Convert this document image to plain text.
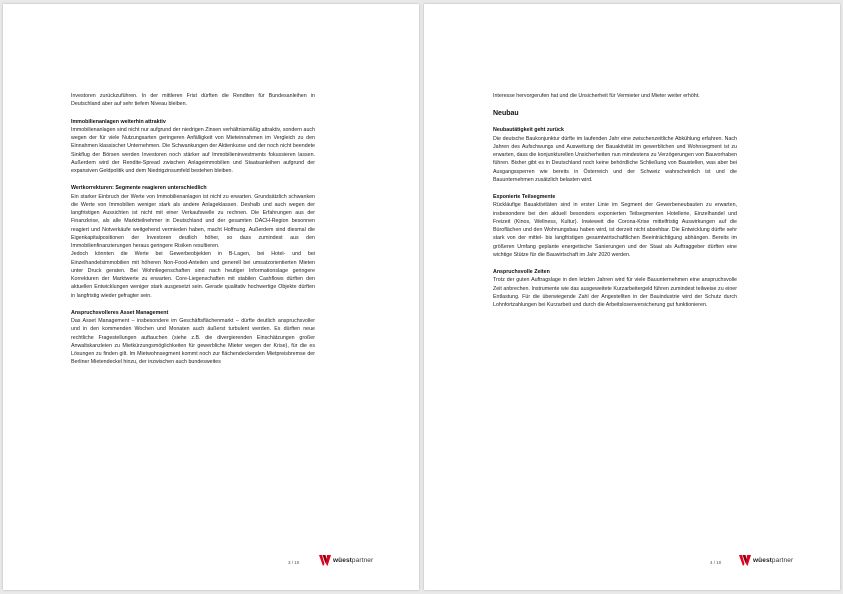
Investoren zurückzuführen. In der mittleren Frist dürften die Renditen für Bundesanleihen in Deutschland aber auf sehr tiefem Niveau bleiben.

Immobilienanlagen weiterhin attraktiv

Immobilienanlagen sind nicht nur aufgrund der niedrigen Zinsen verhältnismäßig attraktiv, sondern auch wegen der für viele Nutzungsarten geringeren Anfälligkeit von Mieteinnahmen im Vergleich zu den Einnahmen klassischer Unternehmen. Die Schwankungen der Aktienkurse und der noch nicht beendete Sinkflug der Börsen werden Investoren noch stärker auf Immobilieninvestments fokussieren lassen. Außerdem wird der Rendite-Spread zwischen Anlageimmobilien und Staatsanleihen aufgrund der expansiven Geldpolitik und dem Niedrigzinsumfeld bestehen bleiben.

Wertkorrekturen: Segmente reagieren unterschiedlich

Ein starker Einbruch der Werte von Immobilienanlagen ist nicht zu erwarten. Grundsätzlich schwanken die Werte von Immobilien weniger stark als andere Anlageklassen. Deshalb und auch wegen der langfristigen Aussichten ist nicht mit einer Verkaufswelle zu rechnen. Die Erfahrungen aus der Finanzkrise, als alle Marktteilnehmer in Deutschland und der gesamten DACH-Region besonnen reagiert und Notverkäufe weitgehend vermieden haben, macht Hoffnung. Außerdem sind diesmal die Eigenkapitalpositionen der Investoren deutlich höher, so dass zumindest aus den Immobilienfinanzierungen heraus geringere Risiken resultieren.

Jedoch könnten die Werte bei Gewerbeobjekten in B-Lagen, bei Hotel- und bei Einzelhandelsimmobilien mit höheren Non-Food-Anteilen und generell bei umsatzorientierten Mieten unter Druck geraten. Bei Wohnliegenschaften sind nach heutiger Informationslage geringere Korrekturen der Marktwerte zu erwarten. Core-Liegenschaften mit stabilen Cashflows dürften den aktuellen Entwicklungen weniger stark ausgesetzt sein. Gerade qualitativ hochwertige Objekte dürften in langfristig wieder gefragter sein.

Anspruchsvolleres Asset Management

Das Asset Management – insbesondere im Geschäftsflächenmarkt – dürfte deutlich anspruchsvoller und in den kommenden Wochen und Monaten auch äußerst turbulent werden. Es dürften neue rechtliche Fragestellungen auftauchen (siehe z.B. die divergierenden Einschätzungen großer Anwaltskanzleien zu Mietkürzungsmöglichkeiten für gewerbliche Mieter wegen der Krise), für die es Lösungen zu finden gilt. Im Mietwohnsegment kommt noch zur flächendeckenden Mietpreisbremse der Berliner Mietendeckel hinzu, der inzwischen auch bundesweites

3 / 10	wüestpartner

Interesse hervorgerufen hat und die Unsicherheit für Vermieter und Mieter weiter erhöht.

Neubau

Neubautätigkeit geht zurück

Die deutsche Baukonjunktur dürfte im laufenden Jahr eine zwischenzeitliche Abkühlung erfahren. Nach Jahren des Aufschwungs und Ausweitung der Bauaktivität im gewerblichen und Wohnsegment ist zu erwarten, dass die konjunkturellen Unsicherheiten nun mindestens zu Verzögerungen von Bauvorhaben führen. Bisher gibt es in Deutschland noch keine behördliche Schließung von Baustellen, was aber bei Ausgangssperren wie bereits in Österreich und der Schweiz wahrscheinlich ist und die Bauunternehmen zusätzlich belasten wird.

Exponierte Teilsegmente

Rückläufige Bauaktivitäten sind in erster Linie im Segment der Gewerbeneubauten zu erwarten, insbesondere bei den aktuell besonders exponierten Teilsegmenten Hotellerie, Einzelhandel und Freizeit (Kinos, Wellness, Kultur). Inwieweit die Corona-Krise mittelfristig Auswirkungen auf die Büroflächen und den Wohnungsbau haben wird, ist derzeit nicht absehbar. Die Entwicklung dürfte sehr stark von der mittel- bis langfristigen gesamtwirtschaftlichen Beeinträchtigung abhängen. Bereits im größeren Umfang geplante energetische Sanierungen und der Staat als Auftraggeber dürften eine wichtige Stütze für die Bauwirtschaft im Jahr 2020 werden.

Anspruchsvolle Zeiten

Trotz der guten Auftragslage in den letzten Jahren wird für viele Bauunternehmen eine anspruchsvolle Zeit anbrechen. Instrumente wie das ausgeweitete Kurzarbeitergeld führen zumindest teilweise zu einer Entlastung. Für die überwiegende Zahl der Angestellten in der Bauindustrie wird der Schutz durch Lohnfortzahlungen bei Kurzarbeit und durch die Arbeitslosenversicherung gut funktionieren.

4 / 10	wüestpartner
